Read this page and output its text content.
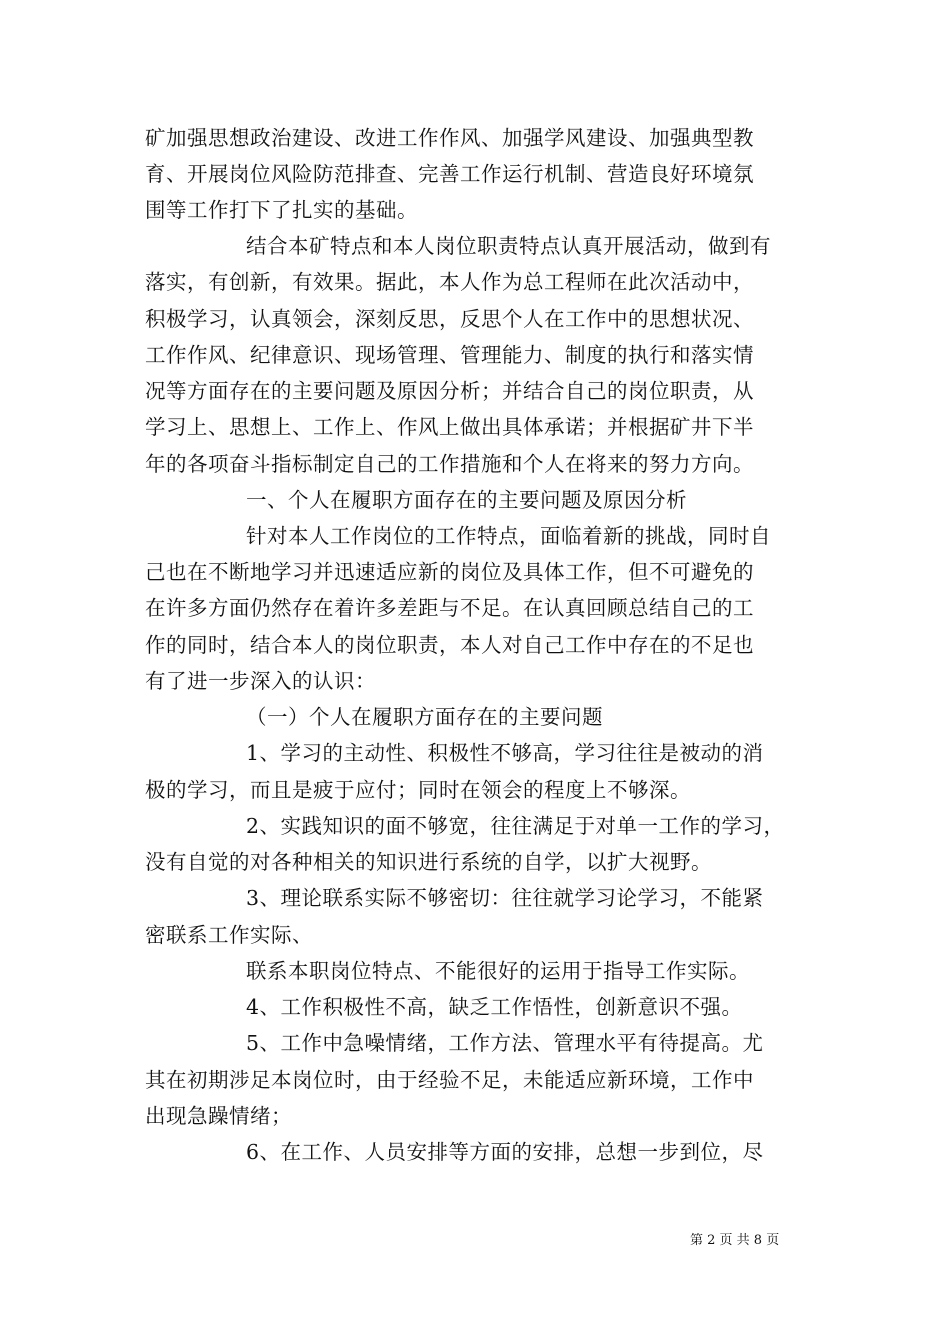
矿加强思想政治建设、改进工作作风、加强学风建设、加强典型教
育、开展岗位风险防范排查、完善工作运行机制、营造良好环境氛
围等工作打下了扎实的基础。
结合本矿特点和本人岗位职责特点认真开展活动，做到有
落实，有创新，有效果。据此，本人作为总工程师在此次活动中，
积极学习，认真领会，深刻反思，反思个人在工作中的思想状况、
工作作风、纪律意识、现场管理、管理能力、制度的执行和落实情
况等方面存在的主要问题及原因分析；并结合自己的岗位职责，从
学习上、思想上、工作上、作风上做出具体承诺；并根据矿井下半
年的各项奋斗指标制定自己的工作措施和个人在将来的努力方向。
一、个人在履职方面存在的主要问题及原因分析
针对本人工作岗位的工作特点，面临着新的挑战，同时自
己也在不断地学习并迅速适应新的岗位及具体工作，但不可避免的
在许多方面仍然存在着许多差距与不足。在认真回顾总结自己的工
作的同时，结合本人的岗位职责，本人对自己工作中存在的不足也
有了进一步深入的认识：
（一）个人在履职方面存在的主要问题
1、学习的主动性、积极性不够高，学习往往是被动的消
极的学习，而且是疲于应付；同时在领会的程度上不够深。
2、实践知识的面不够宽，往往满足于对单一工作的学习，
没有自觉的对各种相关的知识进行系统的自学，以扩大视野。
3、理论联系实际不够密切：往往就学习论学习，不能紧
密联系工作实际、
联系本职岗位特点、不能很好的运用于指导工作实际。
4、工作积极性不高，缺乏工作悟性，创新意识不强。
5、工作中急噪情绪，工作方法、管理水平有待提高。尤
其在初期涉足本岗位时，由于经验不足，未能适应新环境，工作中
出现急躁情绪；
6、在工作、人员安排等方面的安排，总想一步到位，尽
第 2 页 共 8 页
